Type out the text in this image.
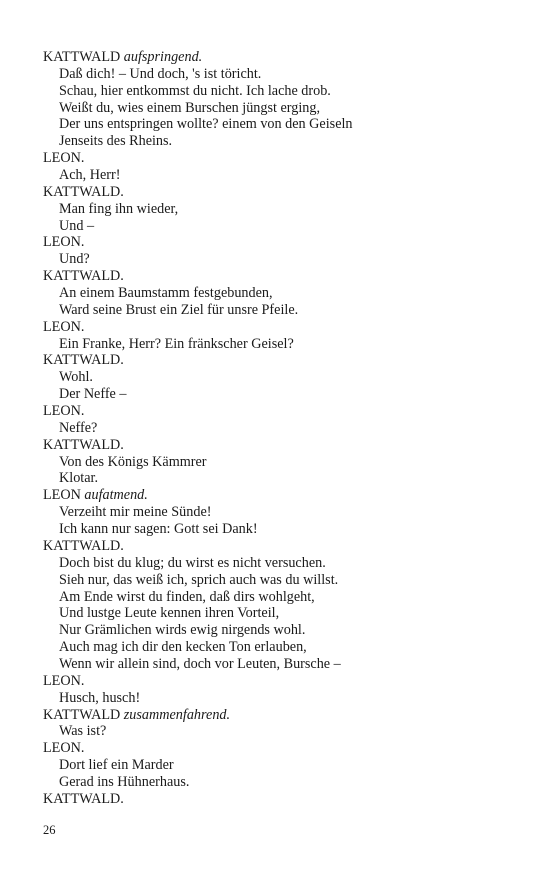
KATTWALD aufspringend.
Daß dich! – Und doch, 's ist töricht.
Schau, hier entkommst du nicht. Ich lache drob.
Weißt du, wies einem Burschen jüngst erging,
Der uns entspringen wollte? einem von den Geiseln
Jenseits des Rheins.
LEON.
Ach, Herr!
KATTWALD.
Man fing ihn wieder,
Und –
LEON.
Und?
KATTWALD.
An einem Baumstamm festgebunden,
Ward seine Brust ein Ziel für unsre Pfeile.
LEON.
Ein Franke, Herr? Ein fränkscher Geisel?
KATTWALD.
Wohl.
Der Neffe –
LEON.
Neffe?
KATTWALD.
Von des Königs Kämmrer
Klotar.
LEON aufatmend.
Verzeiht mir meine Sünde!
Ich kann nur sagen: Gott sei Dank!
KATTWALD.
Doch bist du klug; du wirst es nicht versuchen.
Sieh nur, das weiß ich, sprich auch was du willst.
Am Ende wirst du finden, daß dirs wohlgeht,
Und lustge Leute kennen ihren Vorteil,
Nur Grämlichen wirds ewig nirgends wohl.
Auch mag ich dir den kecken Ton erlauben,
Wenn wir allein sind, doch vor Leuten, Bursche –
LEON.
Husch, husch!
KATTWALD zusammenfahrend.
Was ist?
LEON.
Dort lief ein Marder
Gerad ins Hühnerhaus.
KATTWALD.
26
